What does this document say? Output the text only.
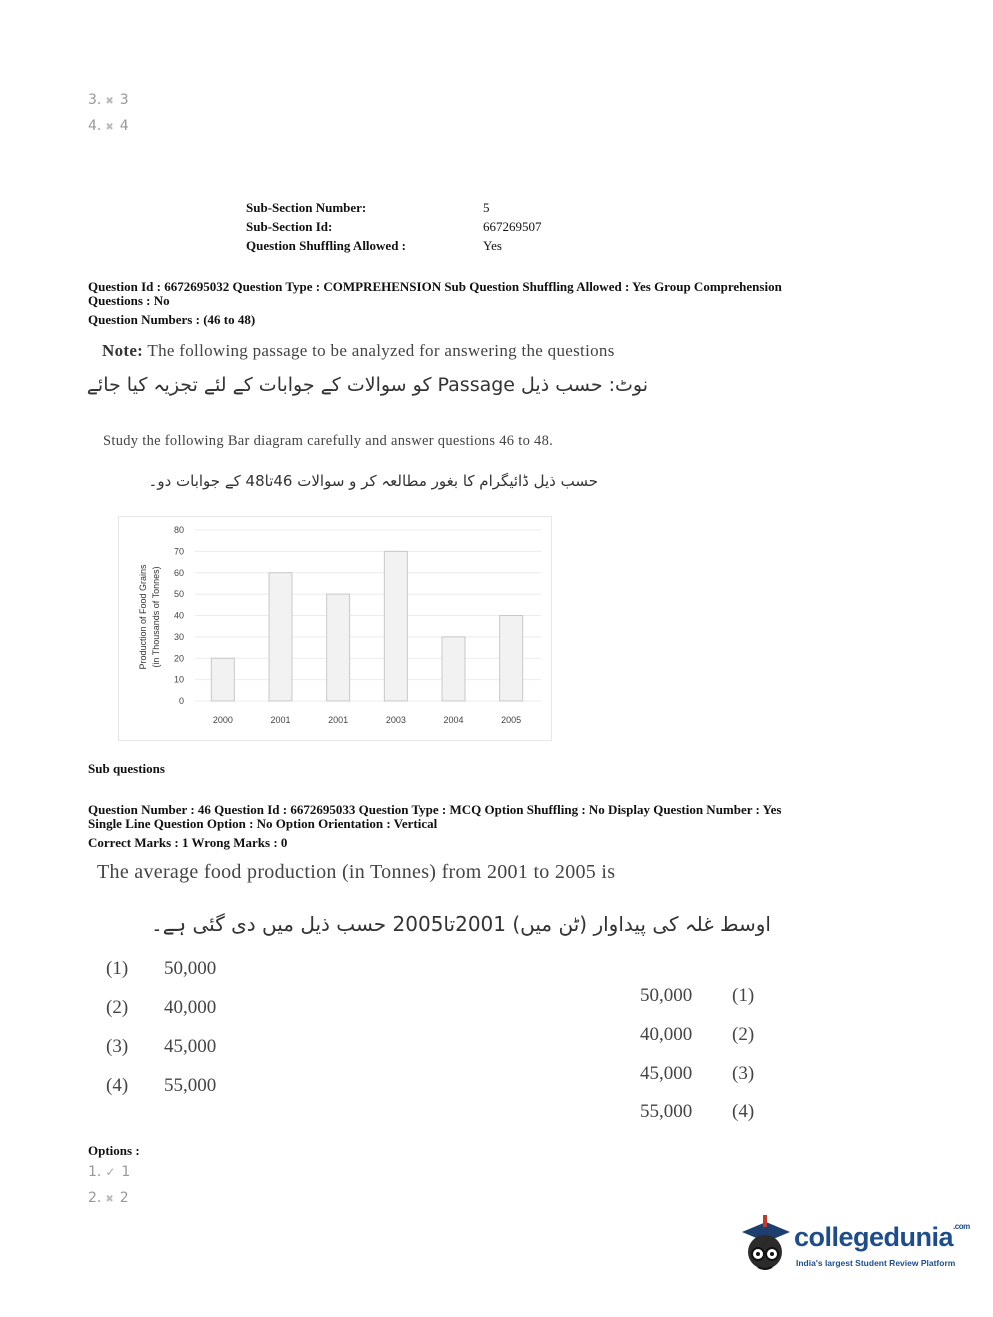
3. ✖ 3
4. ✖ 4
Sub-Section Number:	5
Sub-Section Id:	667269507
Question Shuffling Allowed :	Yes
Question Id : 6672695032 Question Type : COMPREHENSION Sub Question Shuffling Allowed : Yes Group Comprehension
Questions : No
Question Numbers : (46 to 48)
Note: The following passage to be analyzed for answering the questions
نوٹ: حسب ذیل Passage کو سوالات کے جوابات کے لئے تجزیہ کیا جائے
Study the following Bar diagram carefully and answer questions 46 to 48.
حسب ذیل ڈائیگرام کا بغور مطالعہ کر و سوالات 46تا48 کے جوابات دو۔
0
10
20
30
40
50
60
70
80
2000	2001	2001	2003	2004	2005
Production of Food Grains (in Thousands of Tonnes)
Sub questions
Question Number : 46 Question Id : 6672695033 Question Type : MCQ Option Shuffling : No Display Question Number : Yes
Single Line Question Option : No Option Orientation : Vertical
Correct Marks : 1 Wrong Marks : 0
The average food production (in Tonnes) from 2001 to 2005 is
اوسط غلہ کی پیداوار (ٹن میں) 2001تا2005 حسب ذیل میں دی گئی ہے۔
(1) 50,000
(2) 40,000
(3) 45,000
(4) 55,000
50,000 (1)
40,000 (2)
45,000 (3)
55,000 (4)
Options :
1. ✓ 1
2. ✖ 2
collegedunia$^{.com}$
India's largest Student Review Platform
